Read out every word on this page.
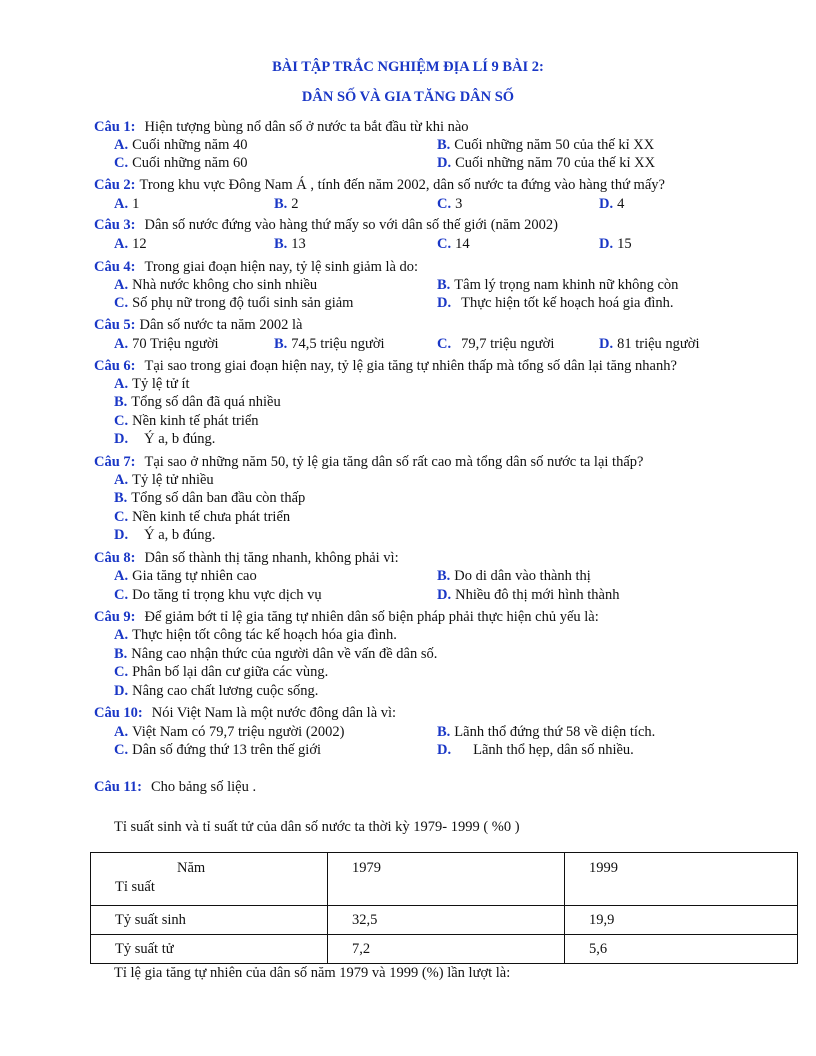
BÀI TẬP TRẮC NGHIỆM ĐỊA LÍ 9 BÀI 2:
DÂN SỐ VÀ GIA TĂNG DÂN SỐ
Câu 1: Hiện tượng bùng nổ dân số ở nước ta bắt đầu từ khi nào
A. Cuối những năm 40	B. Cuối những năm 50 của thế kỉ XX
C. Cuối những năm 60	D. Cuối những năm 70 của thế kỉ XX
Câu 2: Trong khu vực Đông Nam Á , tính đến năm 2002, dân số nước ta đứng vào hàng thứ mấy?
A. 1	B. 2	C. 3	D. 4
Câu 3: Dân số nước đứng vào hàng thứ mấy so với dân số thế giới (năm 2002)
A. 12	B. 13	C. 14	D. 15
Câu 4: Trong giai đoạn hiện nay, tỷ lệ sinh giảm là do:
A. Nhà nước không cho sinh nhiều	B. Tâm lý trọng nam khinh nữ không còn
C. Số phụ nữ trong độ tuổi sinh sản giảm	D. Thực hiện tốt kế hoạch hoá gia đình.
Câu 5: Dân số nước ta năm 2002 là
A. 70 Triệu người	B. 74,5 triệu người	C. 79,7 triệu người	D. 81 triệu người
Câu 6: Tại sao trong giai đoạn hiện nay, tỷ lệ gia tăng tự nhiên thấp mà tổng số dân lại tăng nhanh?
A. Tỷ lệ tử ít
B. Tổng số dân đã quá nhiều
C. Nền kinh tế phát triển
D. Ý a, b đúng.
Câu 7: Tại sao ở những năm 50, tỷ lệ gia tăng dân số rất cao mà tổng dân số nước ta lại thấp?
A. Tỷ lệ tử nhiều
B. Tổng số dân ban đầu còn thấp
C. Nền kinh tế chưa phát triển
D. Ý a, b đúng.
Câu 8: Dân số thành thị tăng nhanh, không phải vì:
A. Gia tăng tự nhiên cao	B. Do di dân vào thành thị
C. Do tăng tỉ trọng khu vực dịch vụ	D. Nhiều đô thị mới hình thành
Câu 9: Để giảm bớt tỉ lệ gia tăng tự nhiên dân số biện pháp phải thực hiện chủ yếu là:
A. Thực hiện tốt công tác kế hoạch hóa gia đình.
B. Nâng cao nhận thức của người dân về vấn đề dân số.
C. Phân bố lại dân cư giữa các vùng.
D. Nâng cao chất lương cuộc sống.
Câu 10: Nói Việt Nam là một nước đông dân là vì:
A. Việt Nam có 79,7 triệu người (2002)	B. Lãnh thổ đứng thứ 58 về diện tích.
C. Dân số đứng thứ 13 trên thế giới	D. Lãnh thổ hẹp, dân số nhiều.
Câu 11: Cho bảng số liệu .
Tỉ suất sinh và tỉ suất tử của dân số nước ta thời kỳ 1979- 1999 ( %0 )
Năm
Tỉ suất	1979	1999

Tỷ suất sinh	32,5	19,9
Tỷ suất tử	7,2	5,6
Tỉ lệ gia tăng tự nhiên của dân số năm 1979 và 1999 (%) lần lượt là:
